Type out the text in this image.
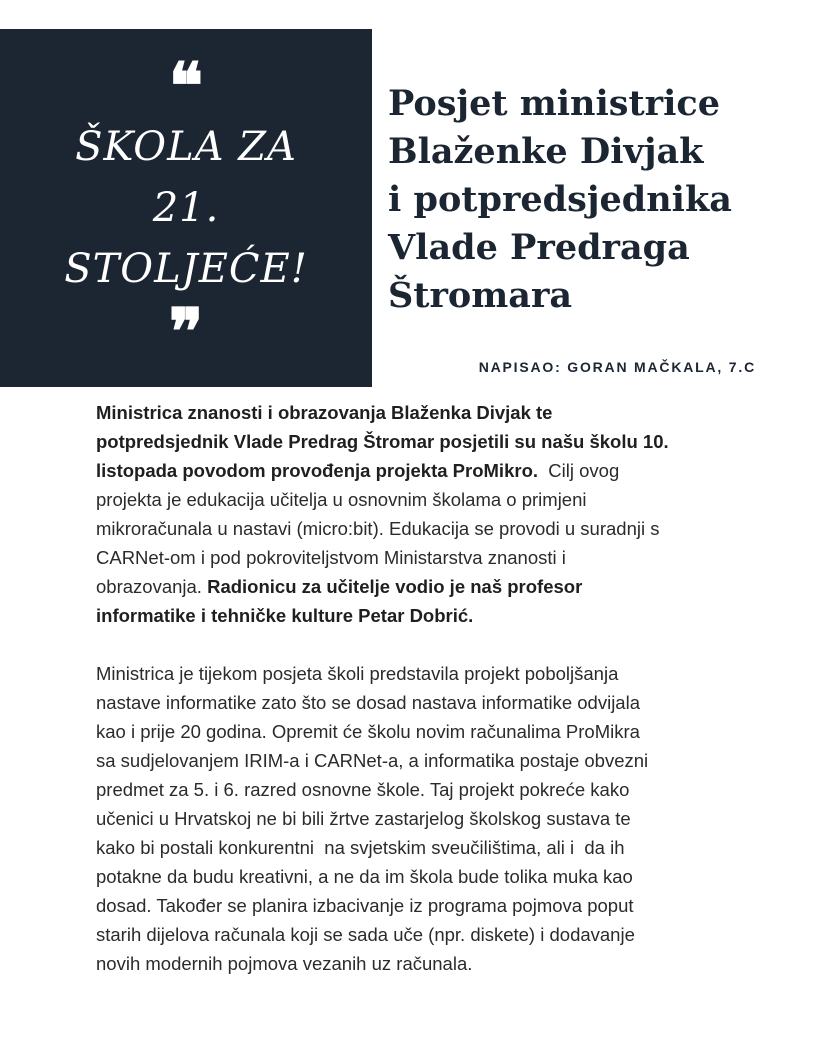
❝
ŠKOLA ZA
21.
STOLJEĆE!
❞
Posjet ministrice
Blaženke Divjak
i potpredsjednika
Vlade Predraga
Štromara
NAPISAO: GORAN MAČKALA, 7.C

Ministrica znanosti i obrazovanja Blaženka Divjak te
potpredsjednik Vlade Predrag Štromar posjetili su našu školu 10.
listopada povodom provođenja projekta ProMikro.  Cilj ovog
projekta je edukacija učitelja u osnovnim školama o primjeni
mikroračunala u nastavi (micro:bit). Edukacija se provodi u suradnji s
CARNet-om i pod pokroviteljstvom Ministarstva znanosti i
obrazovanja. Radionicu za učitelje vodio je naš profesor
informatike i tehničke kulture Petar Dobrić.

Ministrica je tijekom posjeta školi predstavila projekt poboljšanja
nastave informatike zato što se dosad nastava informatike odvijala
kao i prije 20 godina. Opremit će školu novim računalima ProMikra
sa sudjelovanjem IRIM-a i CARNet-a, a informatika postaje obvezni
predmet za 5. i 6. razred osnovne škole. Taj projekt pokreće kako
učenici u Hrvatskoj ne bi bili žrtve zastarjelog školskog sustava te
kako bi postali konkurentni  na svjetskim sveučilištima, ali i  da ih
potakne da budu kreativni, a ne da im škola bude tolika muka kao
dosad. Također se planira izbacivanje iz programa pojmova poput
starih dijelova računala koji se sada uče (npr. diskete) i dodavanje
novih modernih pojmova vezanih uz računala.
